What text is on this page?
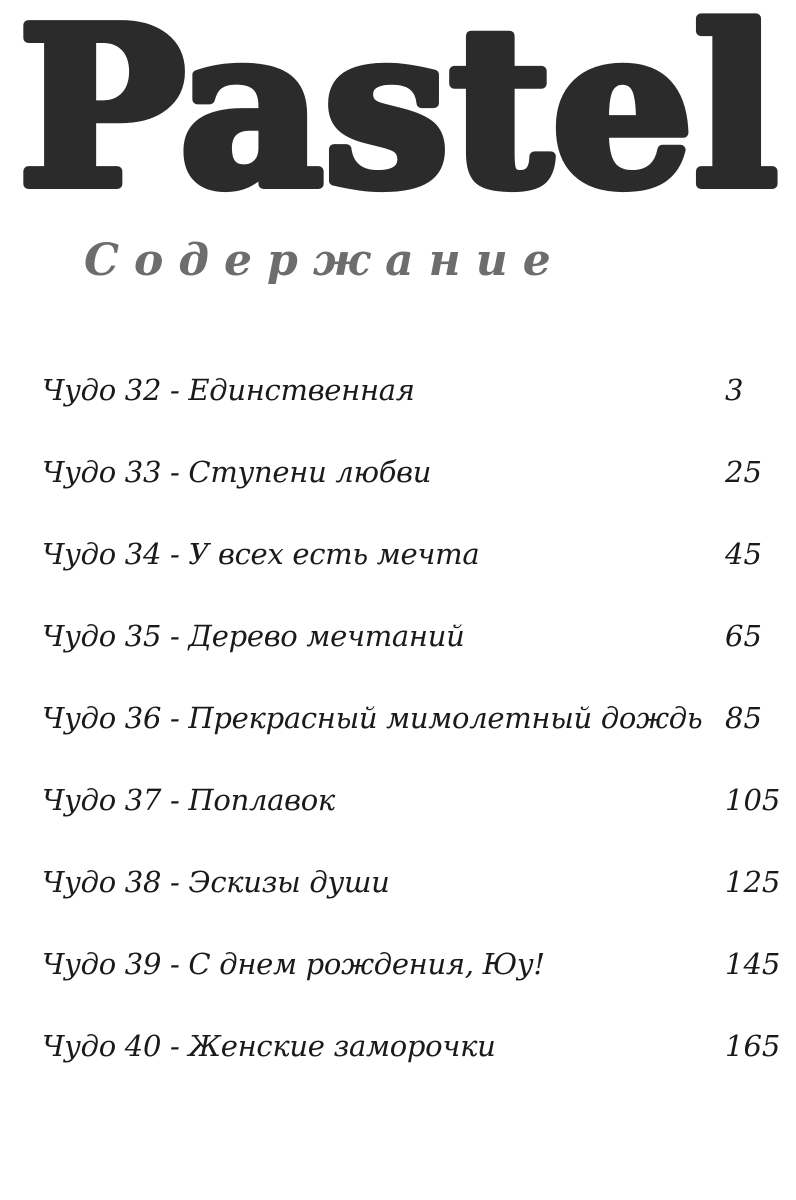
Pastel
Содержание
Чудо 32 - Единственная	3
Чудо 33 - Ступени любви	25
Чудо 34 - У всех есть мечта	45
Чудо 35 - Дерево мечтаний	65
Чудо 36 - Прекрасный мимолетный дождь 85
Чудо 37 - Поплавок	105
Чудо 38 - Эскизы души	125
Чудо 39 - С днем рождения, Юу!	145
Чудо 40 - Женские заморочки	165
